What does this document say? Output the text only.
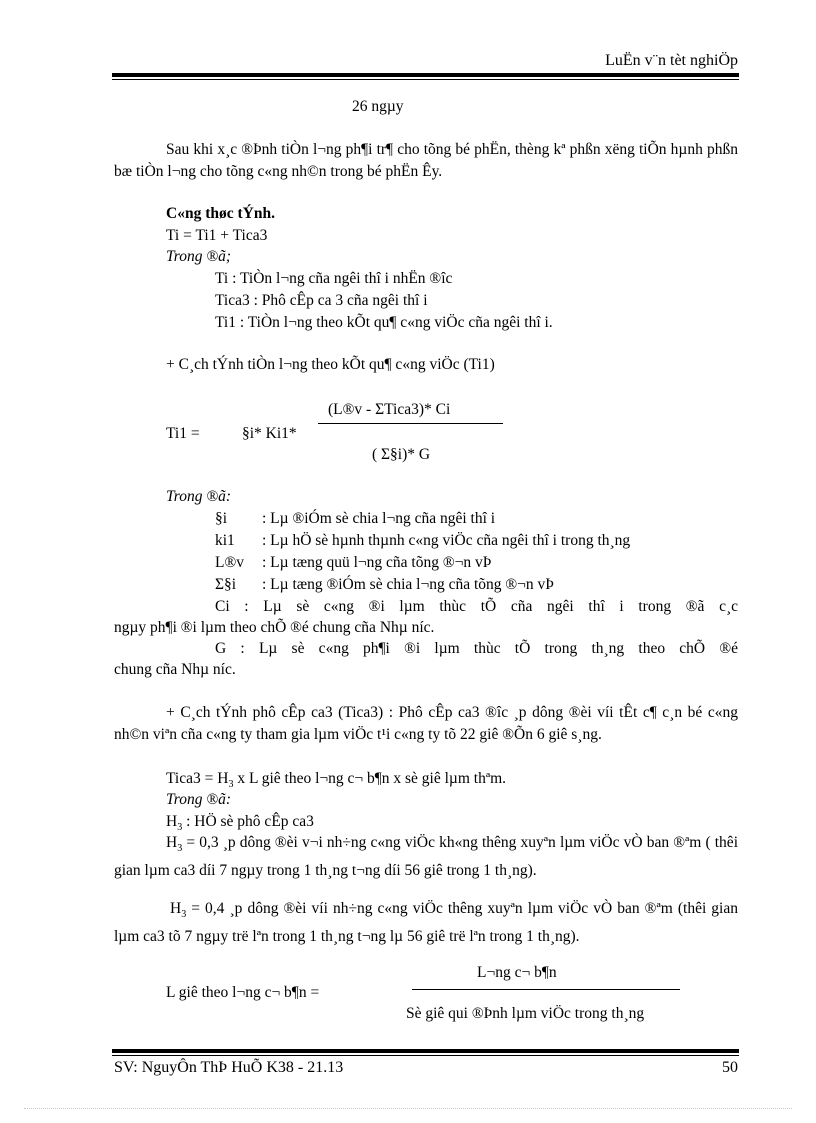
LuËn v¨n tèt nghiÖp
26 ngµy
Sau khi x¸c ®Þnh tiÒn l¬ng ph¶i tr¶ cho tõng bé phËn, thèng kª phßn xëng tiÕn hµnh phßn bæ tiÒn l¬ng cho tõng c«ng nh©n trong bé phËn Êy.
C«ng thøc tÝnh.
Ti = Ti1 + Tica3
Trong ®ã;
Ti : TiÒn l¬ng cña ngêi thî i nhËn ®îc
Tica3 : Phô cÊp ca 3 cña ngêi thî i
Ti1 : TiÒn l¬ng theo kÕt qu¶ c«ng viÖc cña ngêi thî i.
+ C¸ch tÝnh tiÒn l¬ng theo kÕt qu¶ c«ng viÖc (Ti1)
(L®v - ΣTica3)* Ci
Ti1 =	§i* Ki1*
( Σ§i)* G
Trong ®ã:
§i : Lµ ®iÓm sè chia l¬ng cña ngêi thî i
ki1 : Lµ hÖ sè hµnh thµnh c«ng viÖc cña ngêi thî i trong th¸ng
L®v : Lµ tæng quü l¬ng cña tõng ®¬n vÞ
Σ§i : Lµ tæng ®iÓm sè chia l¬ng cña tõng ®¬n vÞ
Ci : Lµ sè c«ng ®i lµm thùc tÕ cña ngêi thî i trong ®ã c¸c
ngµy ph¶i ®i lµm theo chÕ ®é chung cña Nhµ níc.
G : Lµ sè c«ng ph¶i ®i lµm thùc tÕ trong th¸ng theo chÕ ®é
chung cña Nhµ níc.
+ C¸ch tÝnh phô cÊp ca3 (Tica3) : Phô cÊp ca3 ®îc ¸p dông ®èi víi tÊt c¶ c¸n bé c«ng nh©n viªn cña c«ng ty tham gia lµm viÖc t¹i c«ng ty tõ 22 giê ®Õn 6 giê s¸ng.
Tica3 = $H_3$ x L giê theo l¬ng c¬ b¶n x sè giê lµm thªm.
Trong ®ã:
$H_3$ : HÖ sè phô cÊp ca3
$H_3 = 0,3$ ¸p dông ®èi v¬i nh÷ng c«ng viÖc kh«ng thêng xuyªn lµm viÖc vÒ ban ®ªm ( thêi gian lµm ca3 díi 7 ngµy trong 1 th¸ng t¬ng díi 56 giê trong 1 th¸ng).
$H_3 = 0,4$ ¸p dông ®èi víi nh÷ng c«ng viÖc thêng xuyªn lµm viÖc vÒ ban ®ªm (thêi gian lµm ca3 tõ 7 ngµy trë lªn trong 1 th¸ng t¬ng lµ 56 giê trë lªn trong 1 th¸ng).
L¬ng c¬ b¶n
L giê theo l¬ng c¬ b¶n =
Sè giê qui ®Þnh lµm viÖc trong th¸ng
SV: NguyÔn ThÞ HuÕ K38 - 21.13	50
